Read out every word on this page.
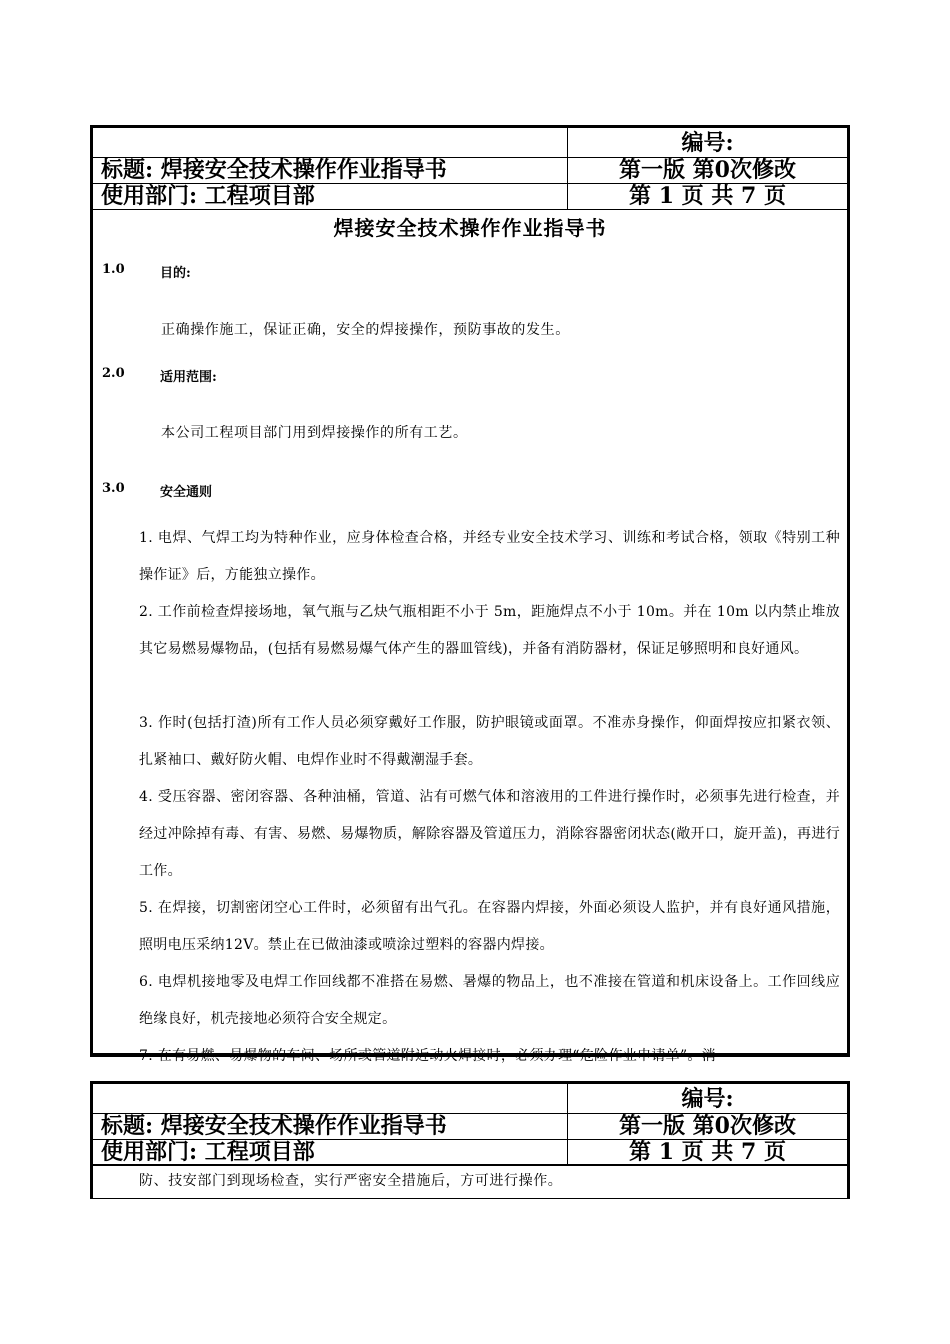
编号:
标题: 焊接安全技术操作作业指导书	第一版 第0次修改
使用部门: 工程项目部	第 1 页 共 7 页
焊接安全技术操作作业指导书
1.0	目的:
正确操作施工，保证正确，安全的焊接操作，预防事故的发生。
2.0	适用范围:
本公司工程项目部门用到焊接操作的所有工艺。
3.0	安全通则
1. 电焊、气焊工均为特种作业，应身体检查合格，并经专业安全技术学习、训练和考试合格，领取《特别工种操作证》后，方能独立操作。
2. 工作前检查焊接场地，氧气瓶与乙炔气瓶相距不小于 5m，距施焊点不小于 10m。并在 10m 以内禁止堆放其它易燃易爆物品，(包括有易燃易爆气体产生的器皿管线)，并备有消防器材，保证足够照明和良好通风。
3. 作时(包括打渣)所有工作人员必须穿戴好工作服，防护眼镜或面罩。不准赤身操作，仰面焊按应扣紧衣领、扎紧袖口、戴好防火帽、电焊作业时不得戴潮湿手套。
4. 受压容器、密闭容器、各种油桶，管道、沾有可燃气体和溶液用的工件进行操作时，必须事先进行检查，并经过冲除掉有毒、有害、易燃、易爆物质，解除容器及管道压力，消除容器密闭状态(敞开口，旋开盖)，再进行工作。
5. 在焊接，切割密闭空心工件时，必须留有出气孔。在容器内焊接，外面必须设人监护，并有良好通风措施，照明电压采纳12V。禁止在已做油漆或喷涂过塑料的容器内焊接。
6. 电焊机接地零及电焊工作回线都不准搭在易燃、暑爆的物品上，也不准接在管道和机床设备上。工作回线应绝缘良好，机壳接地必须符合安全规定。
7. 在有易燃、易爆物的车间、场所或管道附近动火焊接时，必须办理“危险作业申请单”。消
编号:
标题: 焊接安全技术操作作业指导书	第一版 第0次修改
使用部门: 工程项目部	第 1 页 共 7 页
防、技安部门到现场检查，实行严密安全措施后，方可进行操作。
